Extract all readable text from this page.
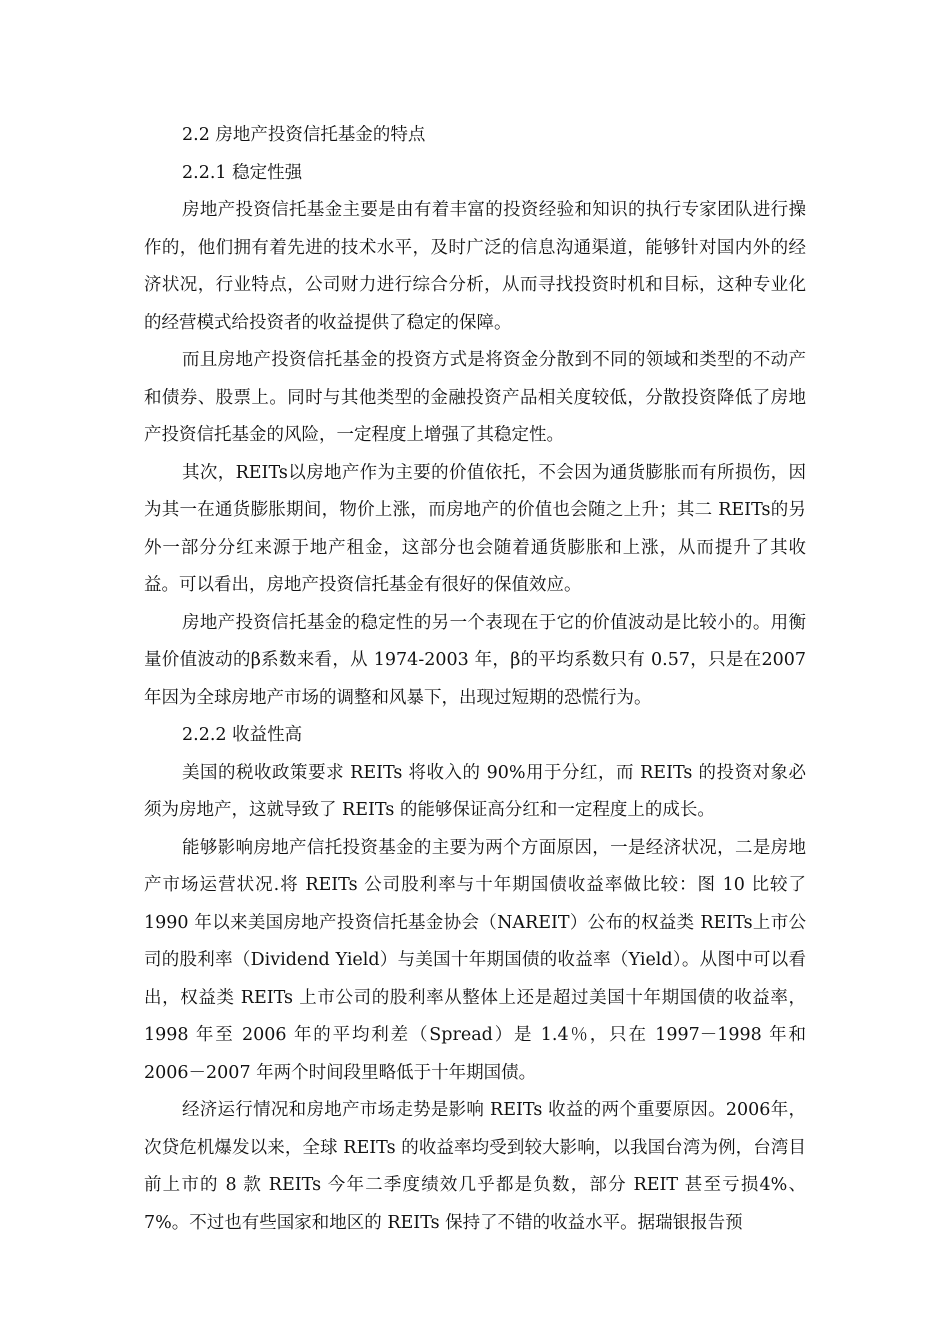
2.2 房地产投资信托基金的特点

2.2.1 稳定性强

房地产投资信托基金主要是由有着丰富的投资经验和知识的执行专家团队进行操作的，他们拥有着先进的技术水平，及时广泛的信息沟通渠道，能够针对国内外的经济状况，行业特点，公司财力进行综合分析，从而寻找投资时机和目标，这种专业化的经营模式给投资者的收益提供了稳定的保障。

而且房地产投资信托基金的投资方式是将资金分散到不同的领域和类型的不动产和债券、股票上。同时与其他类型的金融投资产品相关度较低，分散投资降低了房地产投资信托基金的风险，一定程度上增强了其稳定性。

其次，REITs以房地产作为主要的价值依托，不会因为通货膨胀而有所损伤，因为其一在通货膨胀期间，物价上涨，而房地产的价值也会随之上升；其二 REITs的另外一部分分红来源于地产租金，这部分也会随着通货膨胀和上涨，从而提升了其收益。可以看出，房地产投资信托基金有很好的保值效应。

房地产投资信托基金的稳定性的另一个表现在于它的价值波动是比较小的。用衡量价值波动的β系数来看，从 1974-2003 年，β的平均系数只有 0.57，只是在2007 年因为全球房地产市场的调整和风暴下，出现过短期的恐慌行为。

2.2.2 收益性高

美国的税收政策要求 REITs 将收入的 90%用于分红，而 REITs 的投资对象必须为房地产，这就导致了 REITs 的能够保证高分红和一定程度上的成长。

能够影响房地产信托投资基金的主要为两个方面原因，一是经济状况，二是房地产市场运营状况.将 REITs 公司股利率与十年期国债收益率做比较：图 10 比较了 1990 年以来美国房地产投资信托基金协会（NAREIT）公布的权益类 REITs上市公司的股利率（Dividend Yield）与美国十年期国债的收益率（Yield）。从图中可以看出，权益类 REITs 上市公司的股利率从整体上还是超过美国十年期国债的收益率，1998 年至 2006 年的平均利差（Spread）是 1.4％，只在 1997－1998 年和 2006－2007 年两个时间段里略低于十年期国债。

经济运行情况和房地产市场走势是影响 REITs 收益的两个重要原因。2006年，次贷危机爆发以来，全球 REITs 的收益率均受到较大影响，以我国台湾为例，台湾目前上市的 8 款 REITs 今年二季度绩效几乎都是负数，部分 REIT 甚至亏损4%、7%。不过也有些国家和地区的 REITs 保持了不错的收益水平。据瑞银报告预
